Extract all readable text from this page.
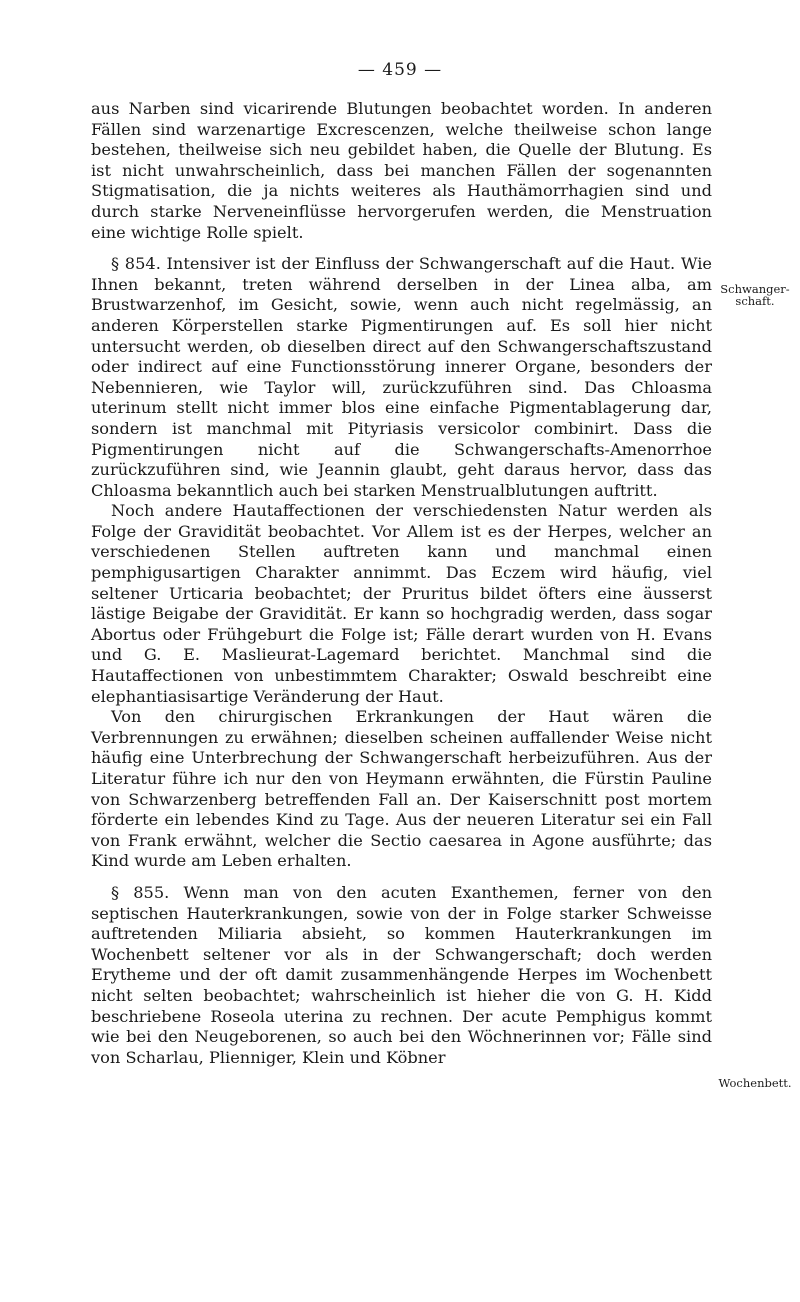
— 459 —

aus Narben sind vicarirende Blutungen beobachtet worden. In anderen Fällen sind warzenartige Excrescenzen, welche theilweise schon lange bestehen, theilweise sich neu gebildet haben, die Quelle der Blutung. Es ist nicht unwahrscheinlich, dass bei manchen Fällen der sogenannten Stigmatisation, die ja nichts weiteres als Hauthämorrhagien sind und durch starke Nerveneinflüsse hervorgerufen werden, die Menstruation eine wichtige Rolle spielt.

§ 854. Intensiver ist der Einfluss der Schwangerschaft auf die Haut. Wie Ihnen bekannt, treten während derselben in der Linea alba, am Brustwarzenhof, im Gesicht, sowie, wenn auch nicht regelmässig, an anderen Körperstellen starke Pigmentirungen auf. Es soll hier nicht untersucht werden, ob dieselben direct auf den Schwangerschaftszustand oder indirect auf eine Functionsstörung innerer Organe, besonders der Nebennieren, wie Taylor will, zurückzuführen sind. Das Chloasma uterinum stellt nicht immer blos eine einfache Pigmentablagerung dar, sondern ist manchmal mit Pityriasis versicolor combinirt. Dass die Pigmentirungen nicht auf die Schwangerschafts-Amenorrhoe zurückzuführen sind, wie Jeannin glaubt, geht daraus hervor, dass das Chloasma bekanntlich auch bei starken Menstrualblutungen auftritt.

Noch andere Hautaffectionen der verschiedensten Natur werden als Folge der Gravidität beobachtet. Vor Allem ist es der Herpes, welcher an verschiedenen Stellen auftreten kann und manchmal einen pemphigusartigen Charakter annimmt. Das Eczem wird häufig, viel seltener Urticaria beobachtet; der Pruritus bildet öfters eine äusserst lästige Beigabe der Gravidität. Er kann so hochgradig werden, dass sogar Abortus oder Frühgeburt die Folge ist; Fälle derart wurden von H. Evans und G. E. Maslieurat-Lagemard berichtet. Manchmal sind die Hautaffectionen von unbestimmtem Charakter; Oswald beschreibt eine elephantiasisartige Veränderung der Haut.

Von den chirurgischen Erkrankungen der Haut wären die Verbrennungen zu erwähnen; dieselben scheinen auffallender Weise nicht häufig eine Unterbrechung der Schwangerschaft herbeizuführen. Aus der Literatur führe ich nur den von Heymann erwähnten, die Fürstin Pauline von Schwarzenberg betreffenden Fall an. Der Kaiserschnitt post mortem förderte ein lebendes Kind zu Tage. Aus der neueren Literatur sei ein Fall von Frank erwähnt, welcher die Sectio caesarea in Agone ausführte; das Kind wurde am Leben erhalten.

§ 855. Wenn man von den acuten Exanthemen, ferner von den septischen Hauterkrankungen, sowie von der in Folge starker Schweisse auftretenden Miliaria absieht, so kommen Hauterkrankungen im Wochenbett seltener vor als in der Schwangerschaft; doch werden Erytheme und der oft damit zusammenhängende Herpes im Wochenbett nicht selten beobachtet; wahrscheinlich ist hieher die von G. H. Kidd beschriebene Roseola uterina zu rechnen. Der acute Pemphigus kommt wie bei den Neugeborenen, so auch bei den Wöchnerinnen vor; Fälle sind von Scharlau, Plienniger, Klein und Köbner

Schwanger-schaft.
Wochenbett.
